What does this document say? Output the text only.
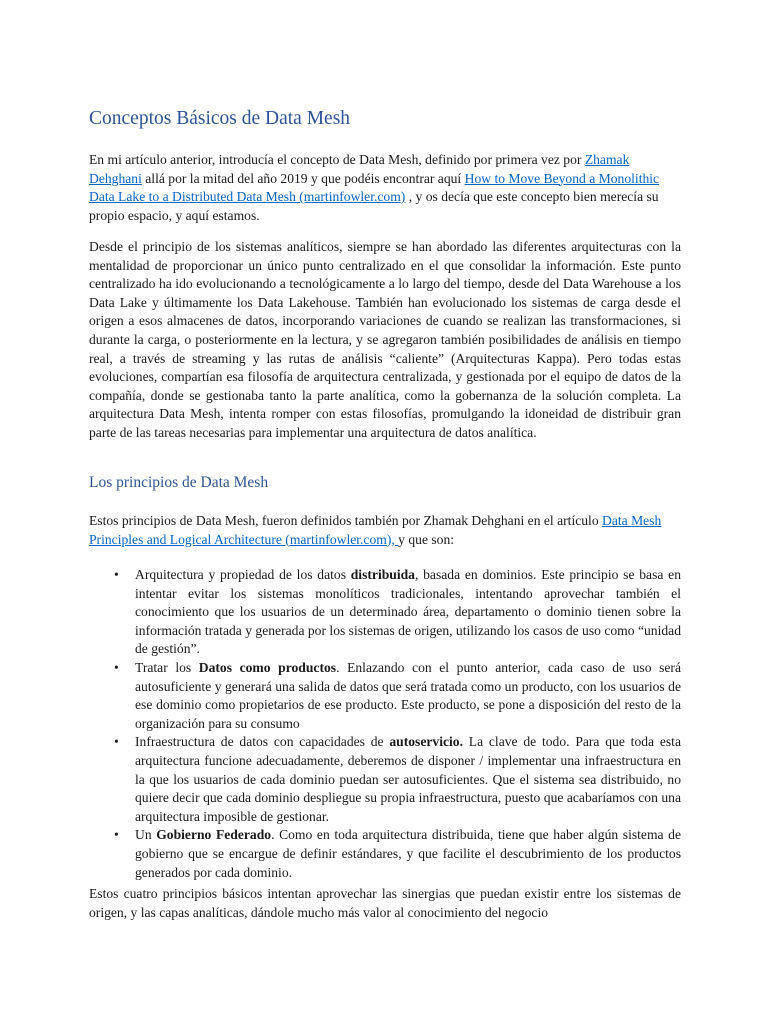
Conceptos Básicos de Data Mesh

En mi artículo anterior, introducía el concepto de Data Mesh, definido por primera vez por Zhamak Dehghani allá por la mitad del año 2019 y que podéis encontrar aquí How to Move Beyond a Monolithic Data Lake to a Distributed Data Mesh (martinfowler.com) , y os decía que este concepto bien merecía su propio espacio, y aquí estamos.

Desde el principio de los sistemas analíticos, siempre se han abordado las diferentes arquitecturas con la mentalidad de proporcionar un único punto centralizado en el que consolidar la información. Este punto centralizado ha ido evolucionando a tecnológicamente a lo largo del tiempo, desde del Data Warehouse a los Data Lake y últimamente los Data Lakehouse. También han evolucionado los sistemas de carga desde el origen a esos almacenes de datos, incorporando variaciones de cuando se realizan las transformaciones, si durante la carga, o posteriormente en la lectura, y se agregaron también posibilidades de análisis en tiempo real, a través de streaming y las rutas de análisis “caliente” (Arquitecturas Kappa). Pero todas estas evoluciones, compartían esa filosofía de arquitectura centralizada, y gestionada por el equipo de datos de la compañía, donde se gestionaba tanto la parte analítica, como la gobernanza de la solución completa. La arquitectura Data Mesh, intenta romper con estas filosofías, promulgando la idoneidad de distribuir gran parte de las tareas necesarias para implementar una arquitectura de datos analítica.

Los principios de Data Mesh

Estos principios de Data Mesh, fueron definidos también por Zhamak Dehghani en el artículo Data Mesh Principles and Logical Architecture (martinfowler.com), y que son:

• Arquitectura y propiedad de los datos distribuida, basada en dominios. Este principio se basa en intentar evitar los sistemas monolíticos tradicionales, intentando aprovechar también el conocimiento que los usuarios de un determinado área, departamento o dominio tienen sobre la información tratada y generada por los sistemas de origen, utilizando los casos de uso como “unidad de gestión”.
• Tratar los Datos como productos. Enlazando con el punto anterior, cada caso de uso será autosuficiente y generará una salida de datos que será tratada como un producto, con los usuarios de ese dominio como propietarios de ese producto. Este producto, se pone a disposición del resto de la organización para su consumo
• Infraestructura de datos con capacidades de autoservicio. La clave de todo. Para que toda esta arquitectura funcione adecuadamente, deberemos de disponer / implementar una infraestructura en la que los usuarios de cada dominio puedan ser autosuficientes. Que el sistema sea distribuido, no quiere decir que cada dominio despliegue su propia infraestructura, puesto que acabaríamos con una arquitectura imposible de gestionar.
• Un Gobierno Federado. Como en toda arquitectura distribuida, tiene que haber algún sistema de gobierno que se encargue de definir estándares, y que facilite el descubrimiento de los productos generados por cada dominio.

Estos cuatro principios básicos intentan aprovechar las sinergias que puedan existir entre los sistemas de origen, y las capas analíticas, dándole mucho más valor al conocimiento del negocio
